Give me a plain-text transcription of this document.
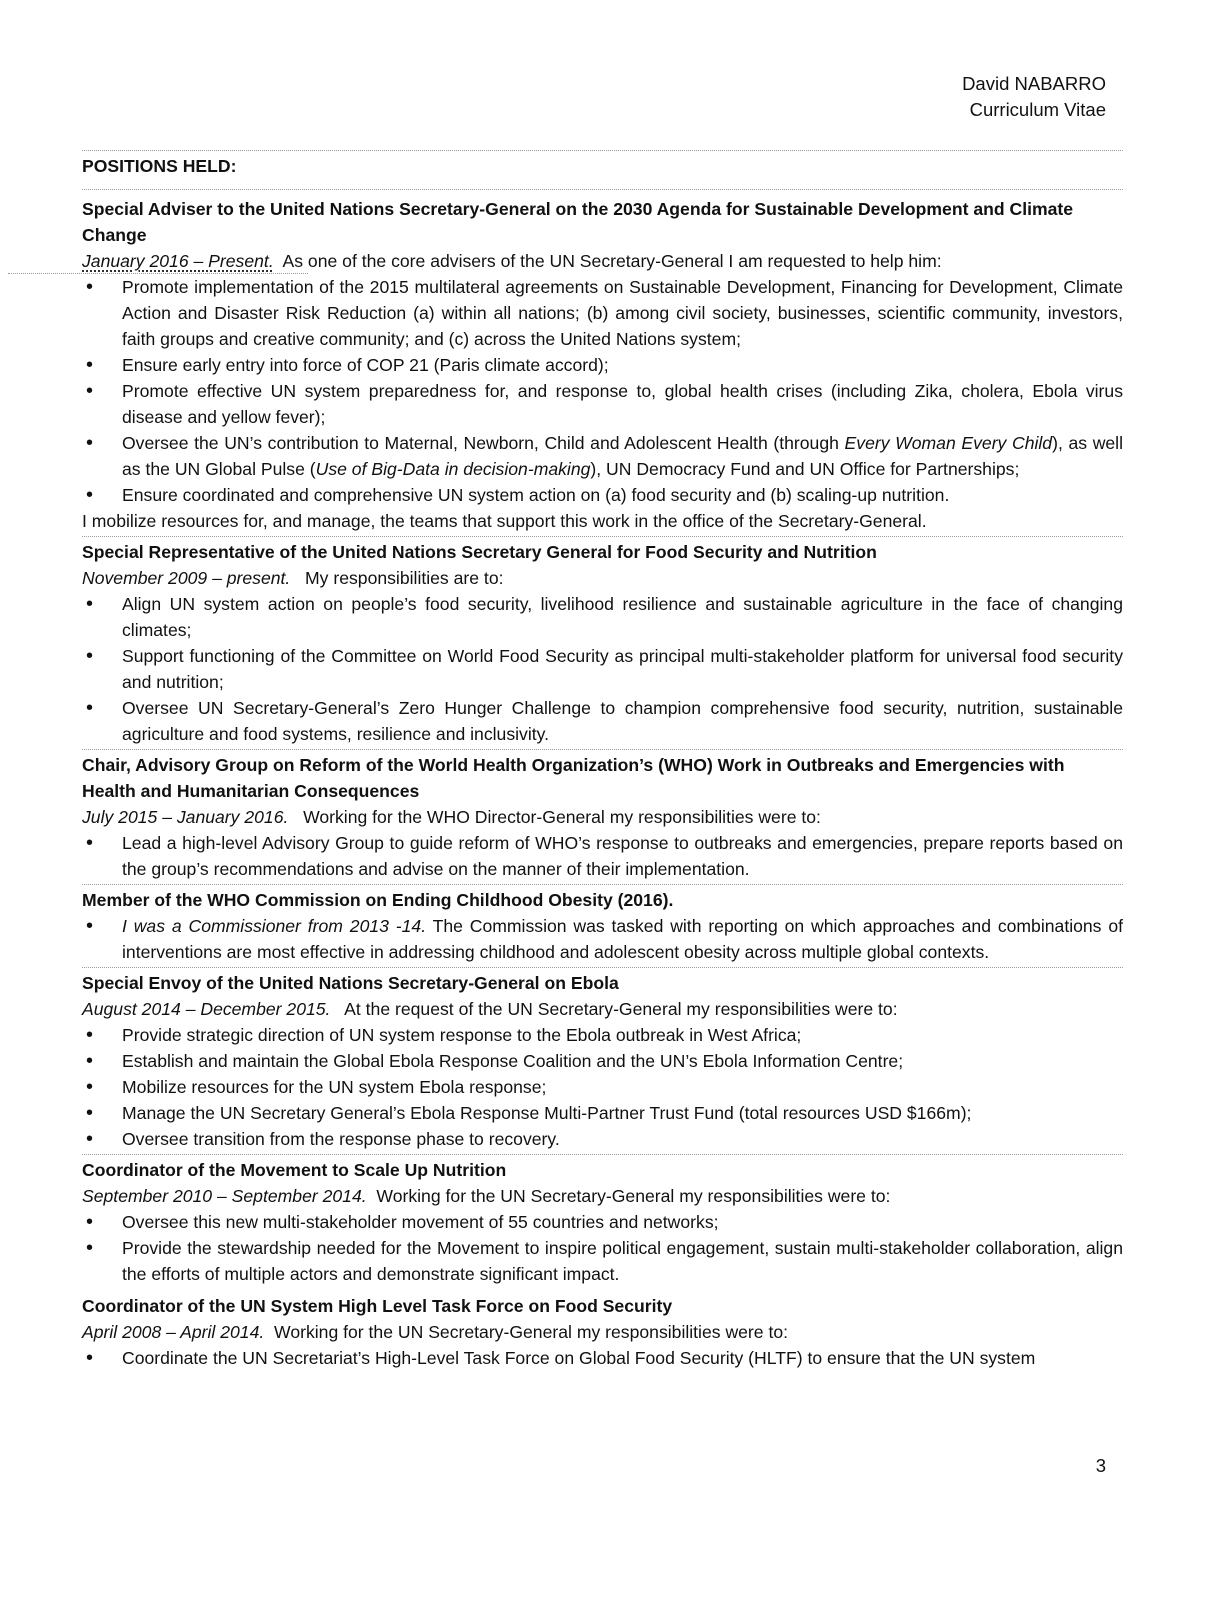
David NABARRO
Curriculum Vitae
POSITIONS HELD:
Special Adviser to the United Nations Secretary-General on the 2030 Agenda for Sustainable Development and Climate Change
January 2016 – Present. As one of the core advisers of the UN Secretary-General I am requested to help him:
• Promote implementation of the 2015 multilateral agreements on Sustainable Development, Financing for Development, Climate Action and Disaster Risk Reduction (a) within all nations; (b) among civil society, businesses, scientific community, investors, faith groups and creative community; and (c) across the United Nations system;
• Ensure early entry into force of COP 21 (Paris climate accord);
• Promote effective UN system preparedness for, and response to, global health crises (including Zika, cholera, Ebola virus disease and yellow fever);
• Oversee the UN’s contribution to Maternal, Newborn, Child and Adolescent Health (through Every Woman Every Child), as well as the UN Global Pulse (Use of Big-Data in decision-making), UN Democracy Fund and UN Office for Partnerships;
• Ensure coordinated and comprehensive UN system action on (a) food security and (b) scaling-up nutrition.
I mobilize resources for, and manage, the teams that support this work in the office of the Secretary-General.
Special Representative of the United Nations Secretary General for Food Security and Nutrition
November 2009 – present. My responsibilities are to:
• Align UN system action on people’s food security, livelihood resilience and sustainable agriculture in the face of changing climates;
• Support functioning of the Committee on World Food Security as principal multi-stakeholder platform for universal food security and nutrition;
• Oversee UN Secretary-General’s Zero Hunger Challenge to champion comprehensive food security, nutrition, sustainable agriculture and food systems, resilience and inclusivity.
Chair, Advisory Group on Reform of the World Health Organization’s (WHO) Work in Outbreaks and Emergencies with Health and Humanitarian Consequences
July 2015 – January 2016. Working for the WHO Director-General my responsibilities were to:
• Lead a high-level Advisory Group to guide reform of WHO’s response to outbreaks and emergencies, prepare reports based on the group’s recommendations and advise on the manner of their implementation.
Member of the WHO Commission on Ending Childhood Obesity (2016).
• I was a Commissioner from 2013 -14. The Commission was tasked with reporting on which approaches and combinations of interventions are most effective in addressing childhood and adolescent obesity across multiple global contexts.
Special Envoy of the United Nations Secretary-General on Ebola
August 2014 – December 2015. At the request of the UN Secretary-General my responsibilities were to:
• Provide strategic direction of UN system response to the Ebola outbreak in West Africa;
• Establish and maintain the Global Ebola Response Coalition and the UN’s Ebola Information Centre;
• Mobilize resources for the UN system Ebola response;
• Manage the UN Secretary General’s Ebola Response Multi-Partner Trust Fund (total resources USD $166m);
• Oversee transition from the response phase to recovery.
Coordinator of the Movement to Scale Up Nutrition
September 2010 – September 2014. Working for the UN Secretary-General my responsibilities were to:
• Oversee this new multi-stakeholder movement of 55 countries and networks;
• Provide the stewardship needed for the Movement to inspire political engagement, sustain multi-stakeholder collaboration, align the efforts of multiple actors and demonstrate significant impact.
Coordinator of the UN System High Level Task Force on Food Security
April 2008 – April 2014. Working for the UN Secretary-General my responsibilities were to:
• Coordinate the UN Secretariat’s High-Level Task Force on Global Food Security (HLTF) to ensure that the UN system
3
